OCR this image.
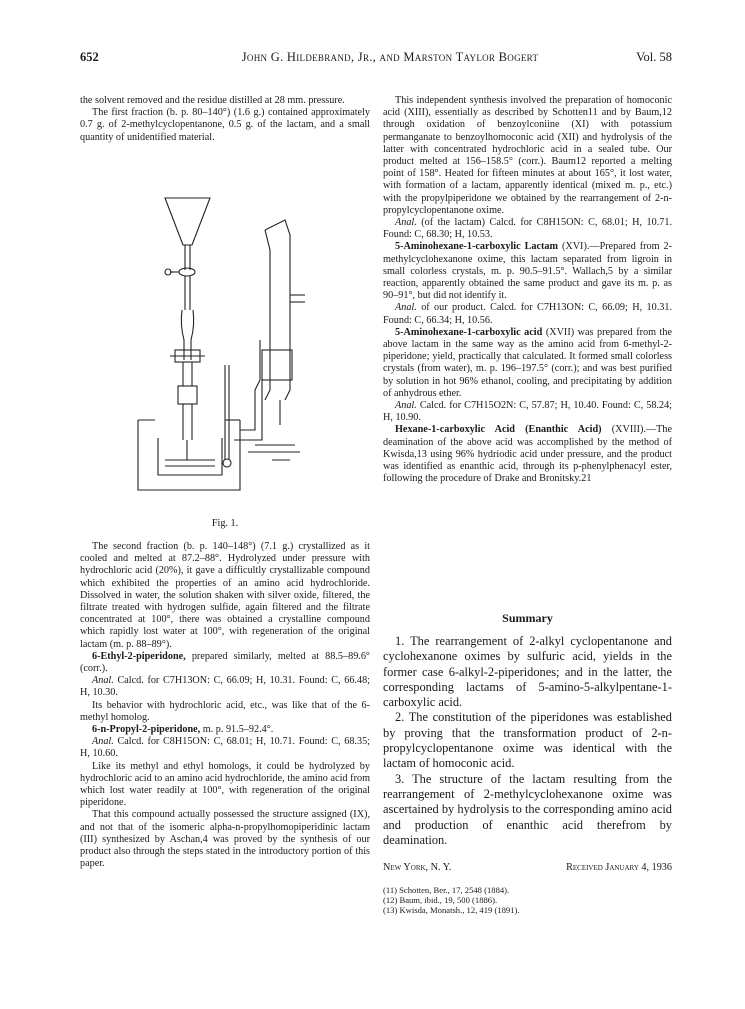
652	John G. Hildebrand, Jr., and Marston Taylor Bogert	Vol. 58

the solvent removed and the residue distilled at 28 mm. pressure.

The first fraction (b. p. 80–140°) (1.6 g.) contained approximately 0.7 g. of 2-methylcyclopentanone, 0.5 g. of the lactam, and a small quantity of unidentified material.

Fig. 1.

The second fraction (b. p. 140–148°) (7.1 g.) crystallized as it cooled and melted at 87.2–88°. Hydrolyzed under pressure with hydrochloric acid (20%), it gave a difficultly crystallizable compound which exhibited the properties of an amino acid hydrochloride. Dissolved in water, the solution shaken with silver oxide, filtered, the filtrate treated with hydrogen sulfide, again filtered and the filtrate concentrated at 100°, there was obtained a crystalline compound which rapidly lost water at 100°, with regeneration of the original lactam (m. p. 88–89°).

6-Ethyl-2-piperidone, prepared similarly, melted at 88.5–89.6° (corr.).

Anal. Calcd. for C7H13ON: C, 66.09; H, 10.31. Found: C, 66.48; H, 10.30.

Its behavior with hydrochloric acid, etc., was like that of the 6-methyl homolog.

6-n-Propyl-2-piperidone, m. p. 91.5–92.4°.

Anal. Calcd. for C8H15ON: C, 68.01; H, 10.71. Found: C, 68.35; H, 10.60.

Like its methyl and ethyl homologs, it could be hydrolyzed by hydrochloric acid to an amino acid hydrochloride, the amino acid from which lost water readily at 100°, with regeneration of the original piperidone.

That this compound actually possessed the structure assigned (IX), and not that of the isomeric alpha-n-propylhomopiperidinic lactam (III) synthesized by Aschan,4 was proved by the synthesis of our product also through the steps stated in the introductory portion of this paper.

This independent synthesis involved the preparation of homoconic acid (XIII), essentially as described by Schotten11 and by Baum,12 through oxidation of benzoylconiine (XI) with potassium permanganate to benzoylhomoconic acid (XII) and hydrolysis of the latter with concentrated hydrochloric acid in a sealed tube. Our product melted at 156–158.5° (corr.). Baum12 reported a melting point of 158°. Heated for fifteen minutes at about 165°, it lost water, with formation of a lactam, apparently identical (mixed m. p., etc.) with the propylpiperidone we obtained by the rearrangement of 2-n-propylcyclopentanone oxime.

Anal. (of the lactam) Calcd. for C8H15ON: C, 68.01; H, 10.71. Found: C, 68.30; H, 10.53.

5-Aminohexane-1-carboxylic Lactam (XVI).—Prepared from 2-methylcyclohexanone oxime, this lactam separated from ligroin in small colorless crystals, m. p. 90.5–91.5°. Wallach,5 by a similar reaction, apparently obtained the same product and gave its m. p. as 90–91°, but did not identify it.

Anal. of our product. Calcd. for C7H13ON: C, 66.09; H, 10.31. Found: C, 66.34; H, 10.56.

5-Aminohexane-1-carboxylic acid (XVII) was prepared from the above lactam in the same way as the amino acid from 6-methyl-2-piperidone; yield, practically that calculated. It formed small colorless crystals (from water), m. p. 196–197.5° (corr.); and was best purified by solution in hot 96% ethanol, cooling, and precipitating by addition of anhydrous ether.

Anal. Calcd. for C7H15O2N: C, 57.87; H, 10.40. Found: C, 58.24; H, 10.90.

Hexane-1-carboxylic Acid (Enanthic Acid) (XVIII).—The deamination of the above acid was accomplished by the method of Kwisda,13 using 96% hydriodic acid under pressure, and the product was identified as enanthic acid, through its p-phenylphenacyl ester, following the procedure of Drake and Bronitsky.21

Summary

1. The rearrangement of 2-alkyl cyclopentanone and cyclohexanone oximes by sulfuric acid, yields in the former case 6-alkyl-2-piperidones; and in the latter, the corresponding lactams of 5-amino-5-alkylpentane-1-carboxylic acid.

2. The constitution of the piperidones was established by proving that the transformation product of 2-n-propylcyclopentanone oxime was identical with the lactam of homoconic acid.

3. The structure of the lactam resulting from the rearrangement of 2-methylcyclohexanone oxime was ascertained by hydrolysis to the corresponding amino acid and production of enanthic acid therefrom by deamination.

New York, N. Y.	Received January 4, 1936

(11) Schotten, Ber., 17, 2548 (1884).

(12) Baum, ibid., 19, 500 (1886).

(13) Kwisda, Monatsh., 12, 419 (1891).
